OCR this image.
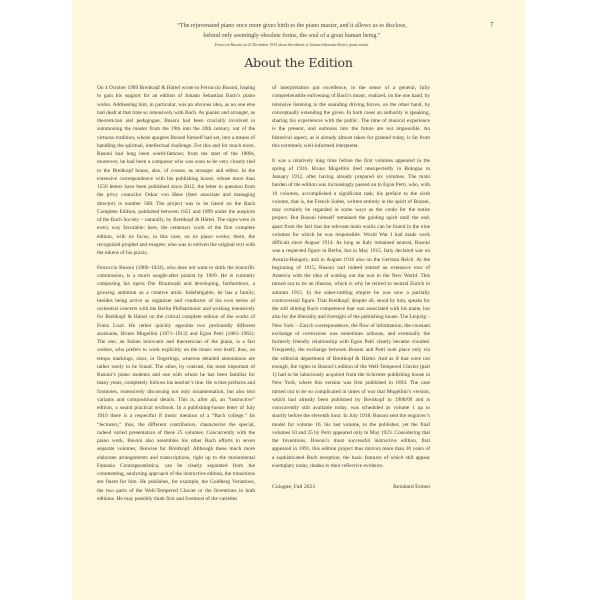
“The rejuvenated piano once more gives birth to the piano master, and it allows us to disclose,
behind only seemingly obsolete forms, the soul of a great human being.”
Ferruccio Busoni on 22 December 1915 about the edition of Johann Sebastian Bach’s piano works.
7
About the Edition

On 4 October 1909 Breitkopf & Härtel wrote to Ferruccio Busoni, hoping to gain his support for an edition of Johann Sebastian Bach’s piano works. Addressing him, in particular, was an obvious idea, as no one else had dealt at that time so intensively with Bach. As pianist and arranger, as theoretician and pedagogue, Busoni had been crucially involved in summoning the master from the 19th into the 20th century, out of the virtuoso tradition, whose apogees Busoni himself had set, into a means of handling the spiritual, intellectual challenge. For this and for much more, Busoni had long been world-famous; from the start of the 1880s, moreover, he had been a composer who was soon to be very closely tied to the Breitkopf house, also, of course, as arranger and editor. In the extensive correspondence with his publishing house, whose more than 1550 letters have been published since 2012, the letter in question from the privy councilor Oskar von Hase (then associate and managing director) is number 500. The project was to be based on the Bach Complete Edition, published between 1851 and 1899 under the auspices of the Bach Society – naturally, by Breitkopf & Härtel. The signs were in every way favorable: here, the centenary work of the first complete edition, with its focus, in this case, on its piano works; there, the recognized prophet and exegete, who was to enliven the original text with the tokens of his praxis.

Ferruccio Busoni (1866–1924), who does not want to shirk the honorific commission, is a much sought-after pianist by 1909. He is currently composing his opera Die Brautwahl and developing, furthermore, a growing ambition as a creative artist. Indefatigable, he has a family, besides being active as organizer and conductor of his own series of orchestral concerts with the Berlin Philharmonic and working intensively for Breitkopf & Härtel on the critical complete edition of the works of Franz Liszt. He rather quickly appoints two profoundly different assistants, Bruno Mugellini (1871–1912) and Egon Petri (1881–1962): The one, an Italian innovator and theoretician of the piano, is a fast worker, who prefers to work explicitly on the music text itself, thus, on tempo markings, slurs, or fingerings, whereas detailed annotations are rather rarely to be found. The other, by contrast, the most important of Busoni’s piano students and one with whom he has been familiar for many years, completely follows his teacher’s line. He writes prefaces and footnotes, extensively discussing not only ornamentation, but also text variants and compositional details. This is, after all, an “instructive” edition, a sound practical textbook. In a publishing-house letter of July 1910 there is a respectful if ironic mention of a “Bach college.” Its “lecturers,” thus, the different contributors, characterize the special, indeed varied presentation of these 25 volumes. Concurrently with the piano work, Busoni also assembles his other Bach efforts in seven separate volumes, likewise for Breitkopf. Although these much more elaborate arrangements and transcriptions, right up to the monumental Fantasia Contrappuntistica, can be clearly separated from the commenting, analyzing approach of the instructive edition, the transitions are fluent for him. He publishes, for example, the Goldberg Variations, the two parts of the Well-Tempered Clavier or the Inventions in both editions. He may possibly think first and foremost of the varieties

of interpretation par excellence, in the sense of a general, fully comprehensible enlivening of Bach’s music, realized, on the one hand, by intensive listening to the sounding driving forces, on the other hand, by conceptually extending the given. In both cases an authority is speaking, sharing his experiences with the public. The time of musical experience is the present, and outlooks into the future are not impossible. An historical aspect, as is already almost taken for granted today, is far from this extremely well-informed interpreter.

It was a relatively long time before the first volumes appeared in the spring of 1916. Bruno Mugellini died unexpectedly in Bologna in January 1912, after having already prepared six volumes. The main burden of the edition was increasingly passed on to Egon Petri, who, with 10 volumes, accomplished a significant task; his preface to the sixth volume, that is, the French Suites, written entirely in the spirit of Busoni, may certainly be regarded in some ways as the credo for the entire project. But Busoni himself remained the guiding spirit until the end, apart from the fact that the relevant main works can be found in the nine volumes for which he was responsible. World War I had made work difficult since August 1914. As long as Italy remained neutral, Busoni was a respected figure in Berlin, but in May 1915, Italy declared war on Austria-Hungary, and in August 1916 also on the German Reich. At the beginning of 1915, Busoni had indeed started an extensive tour of America with the idea of waiting out the war in the New World. This turned out to be an illusion, which is why he retired to neutral Zurich in autumn 1915. In the saber-rattling empire he was now a partially controversial figure. That Breitkopf, despite all, stood by him, speaks for the still shining Bach competence that was associated with his name, but also for the liberality and foresight of the publishing house. The Leipzig – New York – Zurich correspondence, the flow of information, the constant exchange of corrections was sometimes arduous, and eventually the formerly friendly relationship with Egon Petri clearly became clouded. Frequently, the exchange between Busoni and Petri took place only via the editorial department of Breitkopf & Härtel. And as if that were not enough, the rights to Busoni’s edition of the Well-Tempered Clavier (part 1) had to be laboriously acquired from the Schirmer publishing house in New York, where this version was first published in 1894. The case turned out to be so complicated in times of war that Mugellini’s version, which had already been published by Breitkopf in 1908/09 and is concurrently still available today, was scheduled as volume 1 up to shortly before the eleventh hour. In July 1918, Busoni sent the engraver’s model for volume 16, his last volume, to the publisher, yet the final volumes 10 and 25 by Petri appeared only in May 1923. Considering that the Inventions, Busoni’s most successful instructive edition, first appeared in 1891, this edition project thus mirrors more than 30 years of a sophisticated Bach reception, the basic features of which still appear exemplary today, thanks to their reflective evidence.

Cologne, Fall 2023	Reinhard Ermen
